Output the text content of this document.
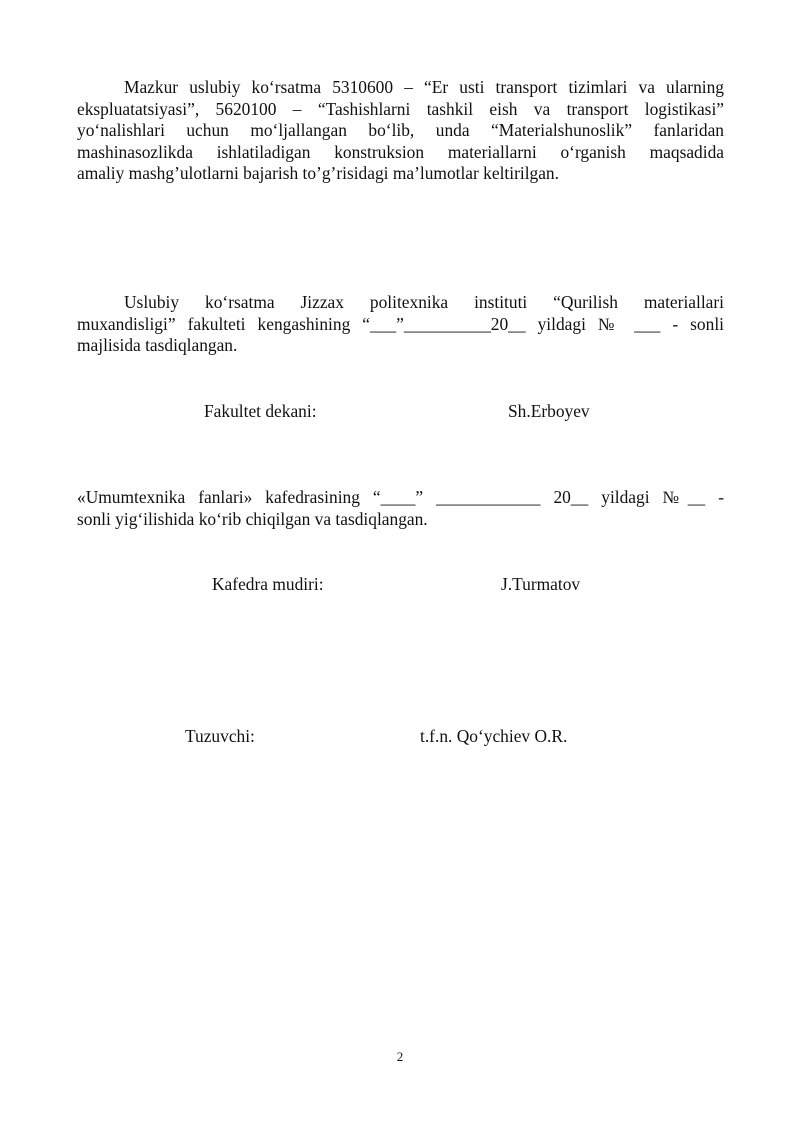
Mazkur uslubiy ko‘rsatma 5310600 – “Er usti transport tizimlari va ularning
ekspluatatsiyasi”, 5620100 – “Tashishlarni tashkil eish va transport logistikasi”
yo‘nalishlari uchun mo‘ljallangan bo‘lib, unda “Materialshunoslik” fanlaridan
mashinasozlikda ishlatiladigan konstruksion materiallarni o‘rganish maqsadida
amaliy mashg’ulotlarni bajarish to’g’risidagi ma’lumotlar keltirilgan.
Uslubiy ko‘rsatma Jizzax politexnika instituti “Qurilish materiallari
muxandisligi” fakulteti kengashining “___”__________20__ yildagi № ___ - sonli
majlisida tasdiqlangan.

Fakultet dekani:	Sh.Erboyev

«Umumtexnika fanlari» kafedrasining “____” ____________ 20__ yildagi №__ -
sonli yig‘ilishida ko‘rib chiqilgan va tasdiqlangan.

Kafedra mudiri:	J.Turmatov

Tuzuvchi:	t.f.n. Qo‘ychiev O.R.

2
